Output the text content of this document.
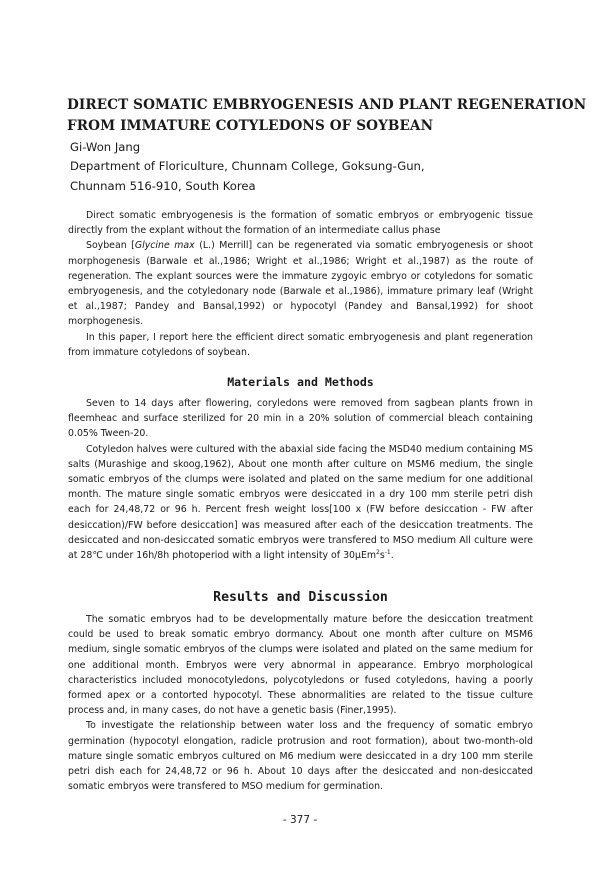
DIRECT SOMATIC EMBRYOGENESIS AND PLANT REGENERATION
FROM IMMATURE COTYLEDONS OF SOYBEAN
Gi-Won Jang
Department of Floriculture, Chunnam College, Goksung-Gun,
Chunnam 516-910, South Korea

Direct somatic embryogenesis is the formation of somatic embryos or embryogenic tissue directly from the explant without the formation of an intermediate callus phase

Soybean [Glycine max (L.) Merrill] can be regenerated via somatic embryogenesis or shoot morphogenesis (Barwale et al.,1986; Wright et al.,1986; Wright et al.,1987) as the route of regeneration. The explant sources were the immature zygoyic embryo or cotyledons for somatic embryogenesis, and the cotyledonary node (Barwale et al.,1986), immature primary leaf (Wright et al.,1987; Pandey and Bansal,1992) or hypocotyl (Pandey and Bansal,1992) for shoot morphogenesis.

In this paper, I report here the efficient direct somatic embryogenesis and plant regeneration from immature cotyledons of soybean.

Materials and Methods

Seven to 14 days after flowering, coryledons were removed from sagbean plants frown in fleemheac and surface sterilized for 20 min in a 20% solution of commercial bleach containing 0.05% Tween-20.

Cotyledon halves were cultured with the abaxial side facing the MSD40 medium containing MS salts (Murashige and skoog,1962), About one month after culture on MSM6 medium, the single somatic embryos of the clumps were isolated and plated on the same medium for one additional month. The mature single somatic embryos were desiccated in a dry 100 mm sterile petri dish each for 24,48,72 or 96 h. Percent fresh weight loss[100 x (FW before desiccation - FW after desiccation)/FW before desiccation] was measured after each of the desiccation treatments. The desiccated and non-desiccated somatic embryos were transfered to MSO medium All culture were at 28℃ under 16h/8h photoperiod with a light intensity of $30\mu Em^2s^{-1}$.

Results and Discussion

The somatic embryos had to be developmentally mature before the desiccation treatment could be used to break somatic embryo dormancy. About one month after culture on MSM6 medium, single somatic embryos of the clumps were isolated and plated on the same medium for one additional month. Embryos were very abnormal in appearance. Embryo morphological characteristics included monocotyledons, polycotyledons or fused cotyledons, having a poorly formed apex or a contorted hypocotyl. These abnormalities are related to the tissue culture process and, in many cases, do not have a genetic basis (Finer,1995).

To investigate the relationship between water loss and the frequency of somatic embryo germination (hypocotyl elongation, radicle protrusion and root formation), about two-month-old mature single somatic embryos cultured on M6 medium were desiccated in a dry 100 mm sterile petri dish each for 24,48,72 or 96 h. About 10 days after the desiccated and non-desiccated somatic embryos were transfered to MSO medium for germination.

- 377 -
